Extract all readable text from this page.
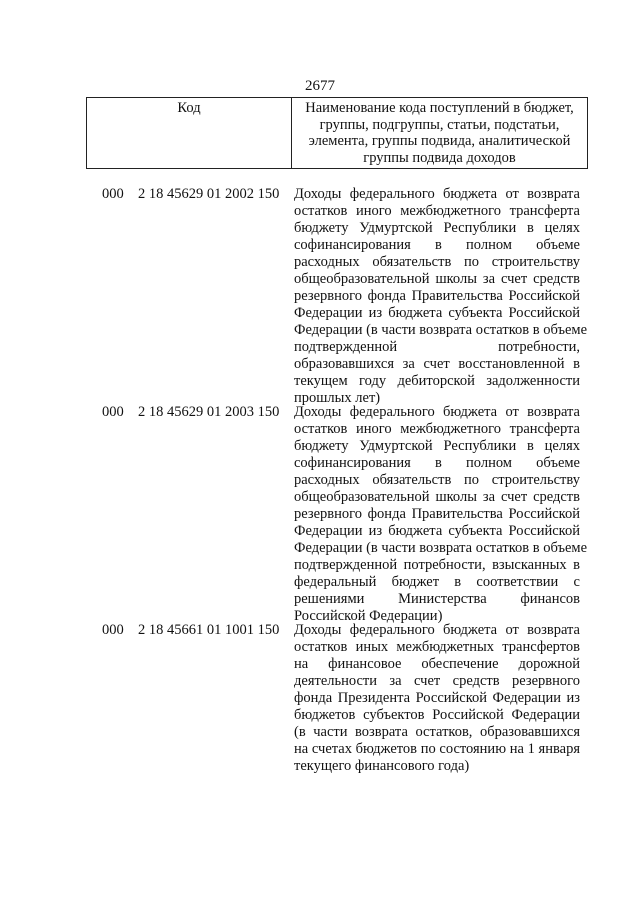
2677
Код	Наименование кода поступлений в бюджет,
группы, подгруппы, статьи, подстатьи,
элемента, группы подвида, аналитической
группы подвида доходов
000 2 18 45629 01 2002 150 Доходы федерального бюджета от возврата
остатков иного межбюджетного трансферта
бюджету Удмуртской Республики в целях
софинансирования в полном объеме
расходных обязательств по строительству
общеобразовательной школы за счет средств
резервного фонда Правительства Российской
Федерации из бюджета субъекта Российской
Федерации (в части возврата остатков в объеме
подтвержденной потребности,
образовавшихся за счет восстановленной в
текущем году дебиторской задолженности
прошлых лет)
000 2 18 45629 01 2003 150 Доходы федерального бюджета от возврата
остатков иного межбюджетного трансферта
бюджету Удмуртской Республики в целях
софинансирования в полном объеме
расходных обязательств по строительству
общеобразовательной школы за счет средств
резервного фонда Правительства Российской
Федерации из бюджета субъекта Российской
Федерации (в части возврата остатков в объеме
подтвержденной потребности, взысканных в
федеральный бюджет в соответствии с
решениями Министерства финансов
Российской Федерации)
000 2 18 45661 01 1001 150 Доходы федерального бюджета от возврата
остатков иных межбюджетных трансфертов
на финансовое обеспечение дорожной
деятельности за счет средств резервного
фонда Президента Российской Федерации из
бюджетов субъектов Российской Федерации
(в части возврата остатков, образовавшихся
на счетах бюджетов по состоянию на 1 января
текущего финансового года)
